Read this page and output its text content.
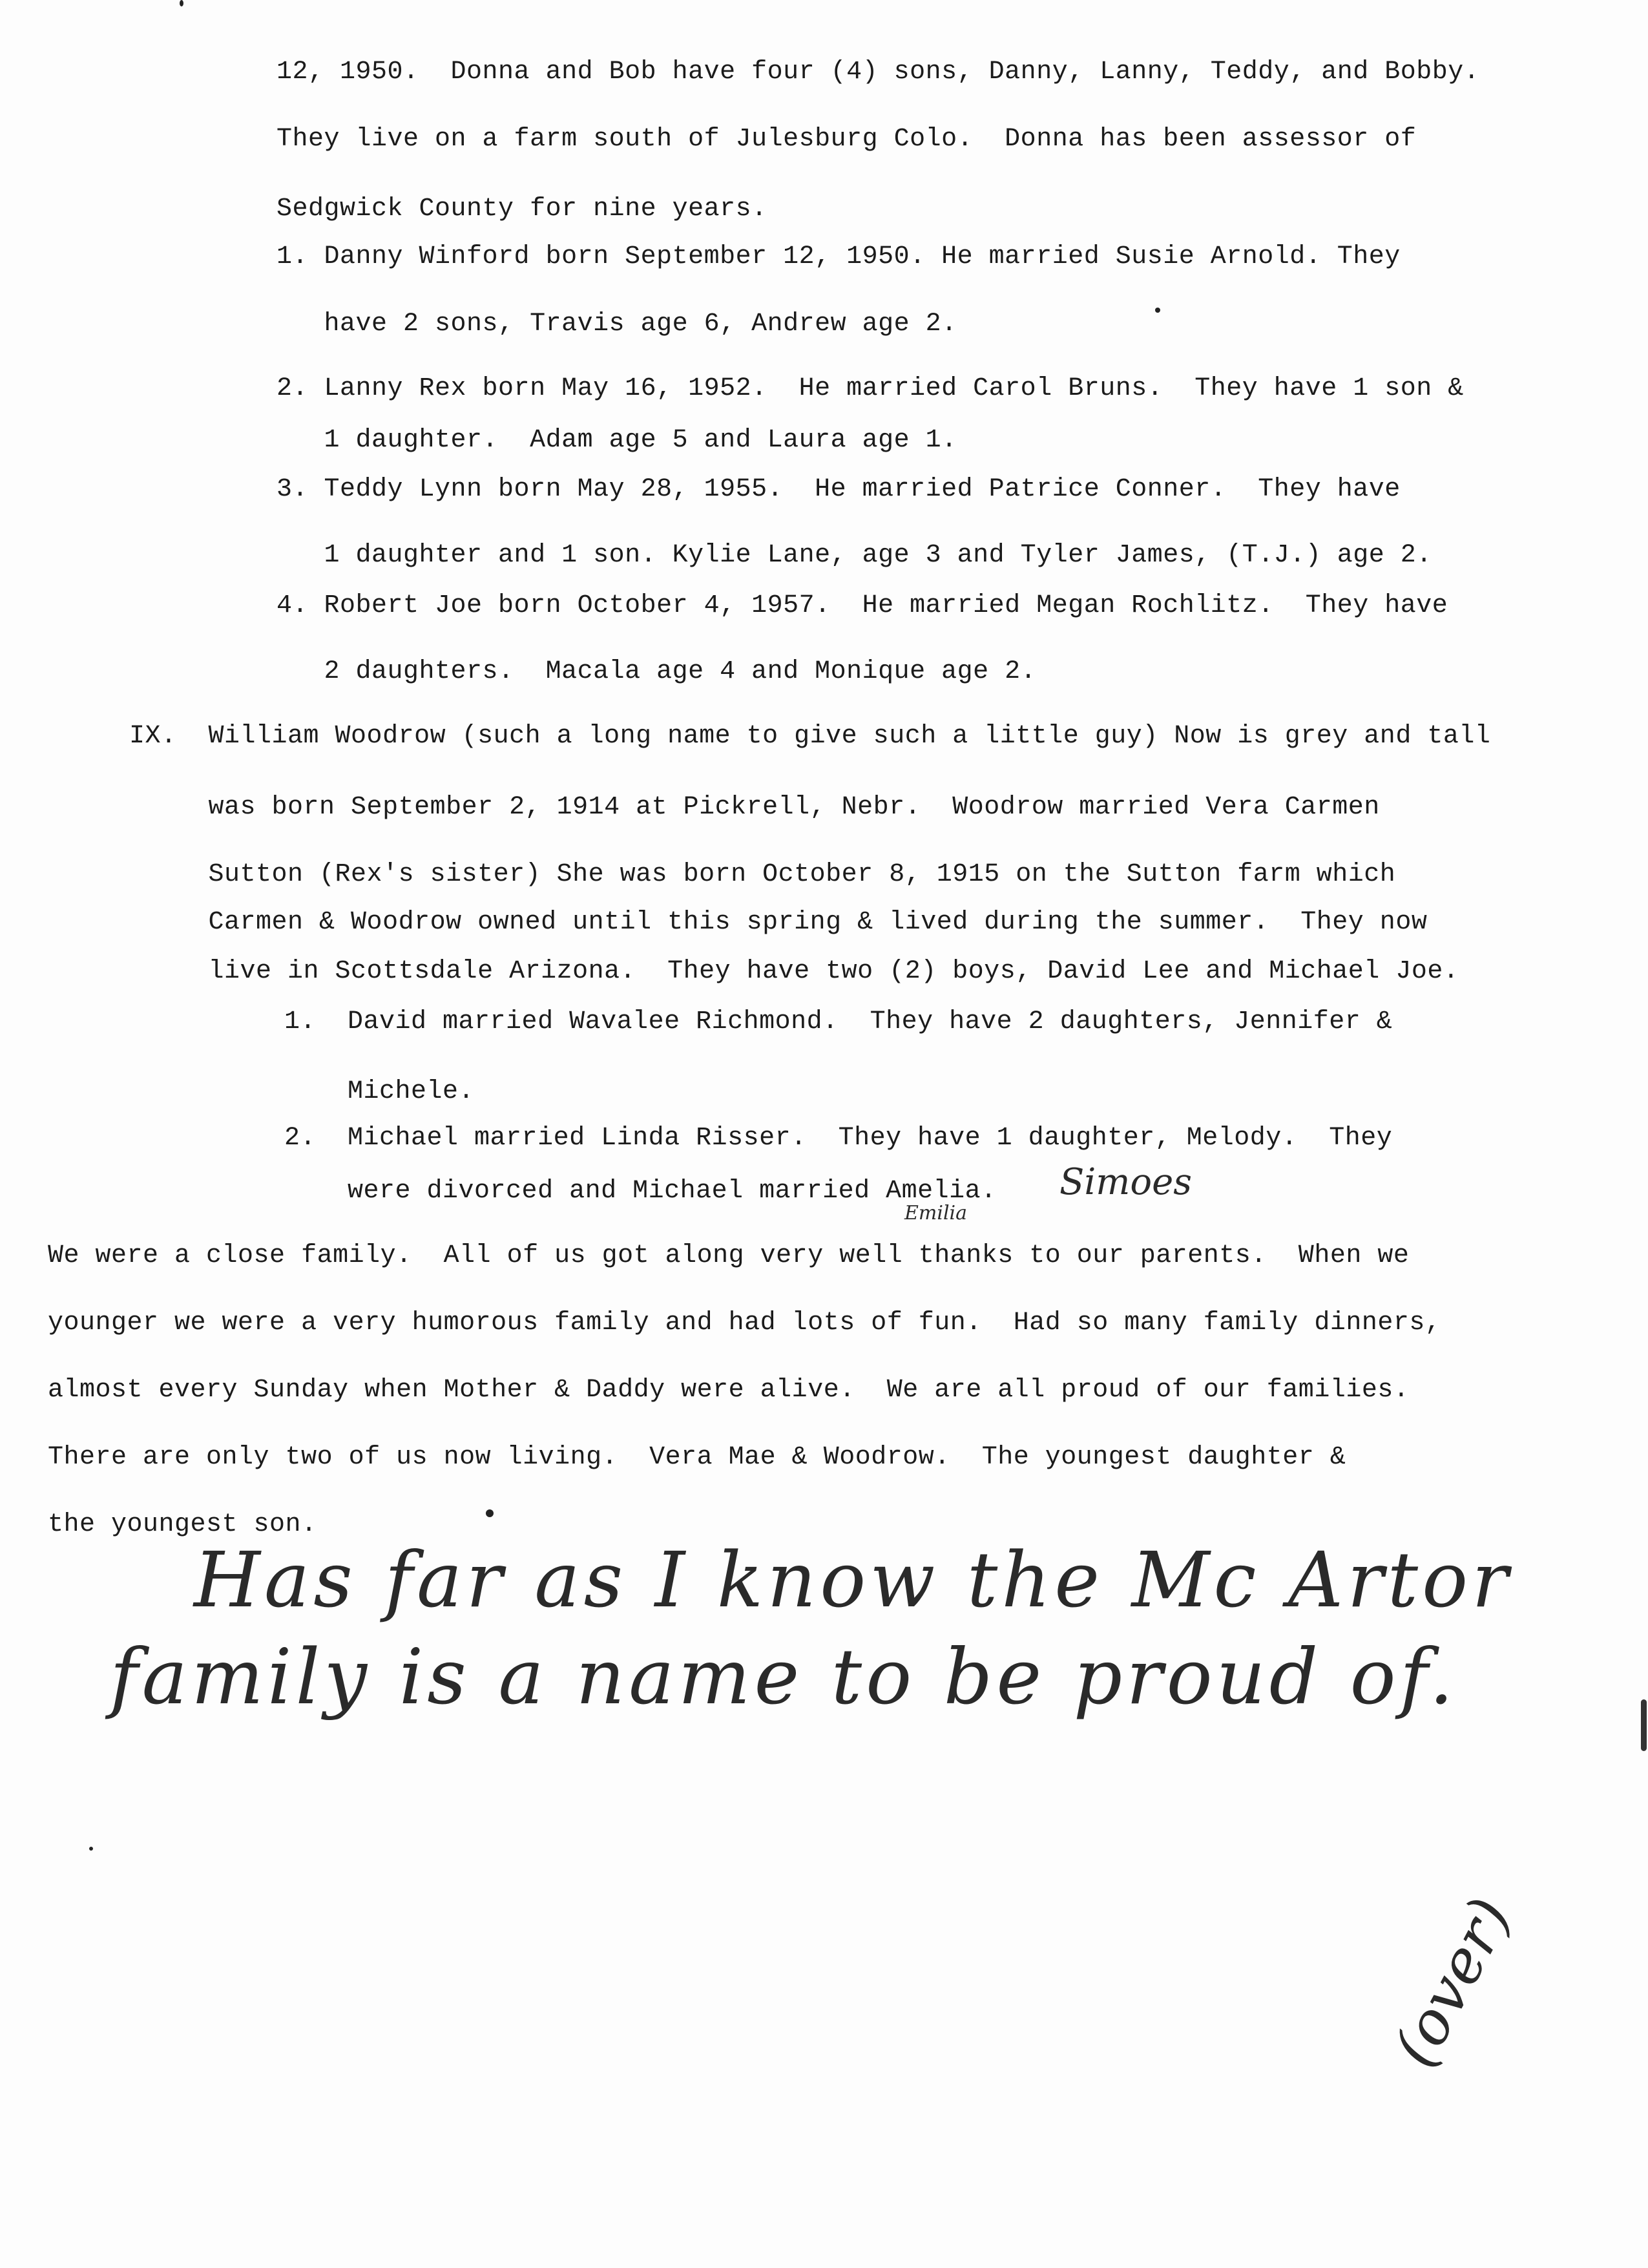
12, 1950.  Donna and Bob have four (4) sons, Danny, Lanny, Teddy, and Bobby.
They live on a farm south of Julesburg Colo.  Donna has been assessor of
Sedgwick County for nine years.
1. Danny Winford born September 12, 1950. He married Susie Arnold. They
have 2 sons, Travis age 6, Andrew age 2.
2. Lanny Rex born May 16, 1952.  He married Carol Bruns.  They have 1 son &
1 daughter.  Adam age 5 and Laura age 1.
3. Teddy Lynn born May 28, 1955.  He married Patrice Conner.  They have
1 daughter and 1 son. Kylie Lane, age 3 and Tyler James, (T.J.) age 2.
4. Robert Joe born October 4, 1957.  He married Megan Rochlitz.  They have
2 daughters.  Macala age 4 and Monique age 2.
IX.  William Woodrow (such a long name to give such a little guy) Now is grey and tall
was born September 2, 1914 at Pickrell, Nebr.  Woodrow married Vera Carmen
Sutton (Rex's sister) She was born October 8, 1915 on the Sutton farm which
Carmen & Woodrow owned until this spring & lived during the summer.  They now
live in Scottsdale Arizona.  They have two (2) boys, David Lee and Michael Joe.
1.  David married Wavalee Richmond.  They have 2 daughters, Jennifer &
Michele.
2.  Michael married Linda Risser.  They have 1 daughter, Melody.  They
were divorced and Michael married Amelia. Simoes
Emilia
We were a close family.  All of us got along very well thanks to our parents.  When we
younger we were a very humorous family and had lots of fun.  Had so many family dinners,
almost every Sunday when Mother & Daddy were alive.  We are all proud of our families.
There are only two of us now living.  Vera Mae & Woodrow.  The youngest daughter &
the youngest son.
Has far as I know the Mc Artor
family is a name to be proud of.
(over)
